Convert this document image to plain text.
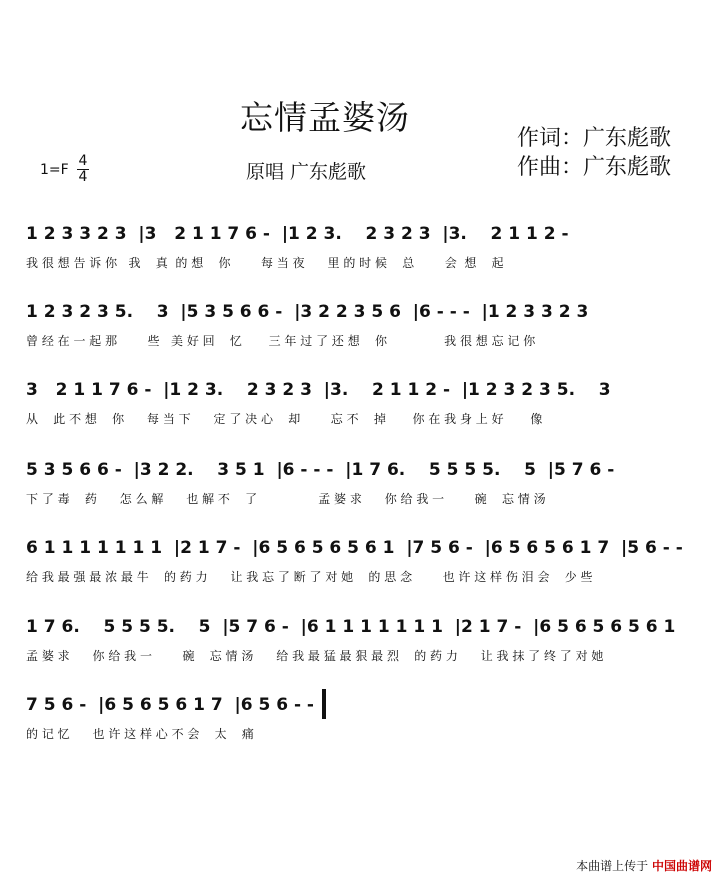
忘情孟婆汤
作词：广东彪歌
作曲：广东彪歌
1=F
4
4	原唱 广东彪歌
1 2 3 3 2 3  |3   2 1 1 7 6 -  |1 2 3.    2 3 2 3  |3.    2 1 1 2 -
我 很 想 告 诉 你   我    真  的 想    你        每 当 夜      里 的 时 候    总        会  想    起
1 2 3 2 3 5.    3  |5 3 5 6 6 -  |3 2 2 3 5 6  |6 - - -  |1 2 3 3 2 3
曾 经 在 一 起 那        些   美 好 回    忆       三 年 过 了 还 想    你               我 很 想 忘 记 你
3   2 1 1 7 6 -  |1 2 3.    2 3 2 3  |3.    2 1 1 2 -  |1 2 3 2 3 5.    3
从    此 不 想    你      每 当 下      定 了 决 心    却        忘 不    掉       你 在 我 身 上 好       像
5 3 5 6 6 -  |3 2 2.    3 5 1  |6 - - -  |1 7 6.    5 5 5 5.    5  |5 7 6 -
下 了 毒    药      怎 么 解      也 解 不    了                孟 婆 求      你 给 我 一        碗    忘 情 汤
6 1 1 1 1 1 1 1  |2 1 7 -  |6 5 6 5 6 5 6 1  |7 5 6 -  |6 5 6 5 6 1 7  |5 6 - -
给 我 最 强 最 浓 最 牛    的 药 力      让 我 忘 了 断 了 对 她    的 思 念        也 许 这 样 伤 泪 会    少 些
1 7 6.    5 5 5 5.    5  |5 7 6 -  |6 1 1 1 1 1 1 1  |2 1 7 -  |6 5 6 5 6 5 6 1
孟 婆 求      你 给 我 一        碗    忘 情 汤      给 我 最 猛 最 狠 最 烈    的 药 力      让 我 抹 了 终 了 对 她
7 5 6 -  |6 5 6 5 6 1 7  |6 5 6 - -
的 记 忆      也 许 这 样 心 不 会    太    痛
本曲谱上传于 中国曲谱网
